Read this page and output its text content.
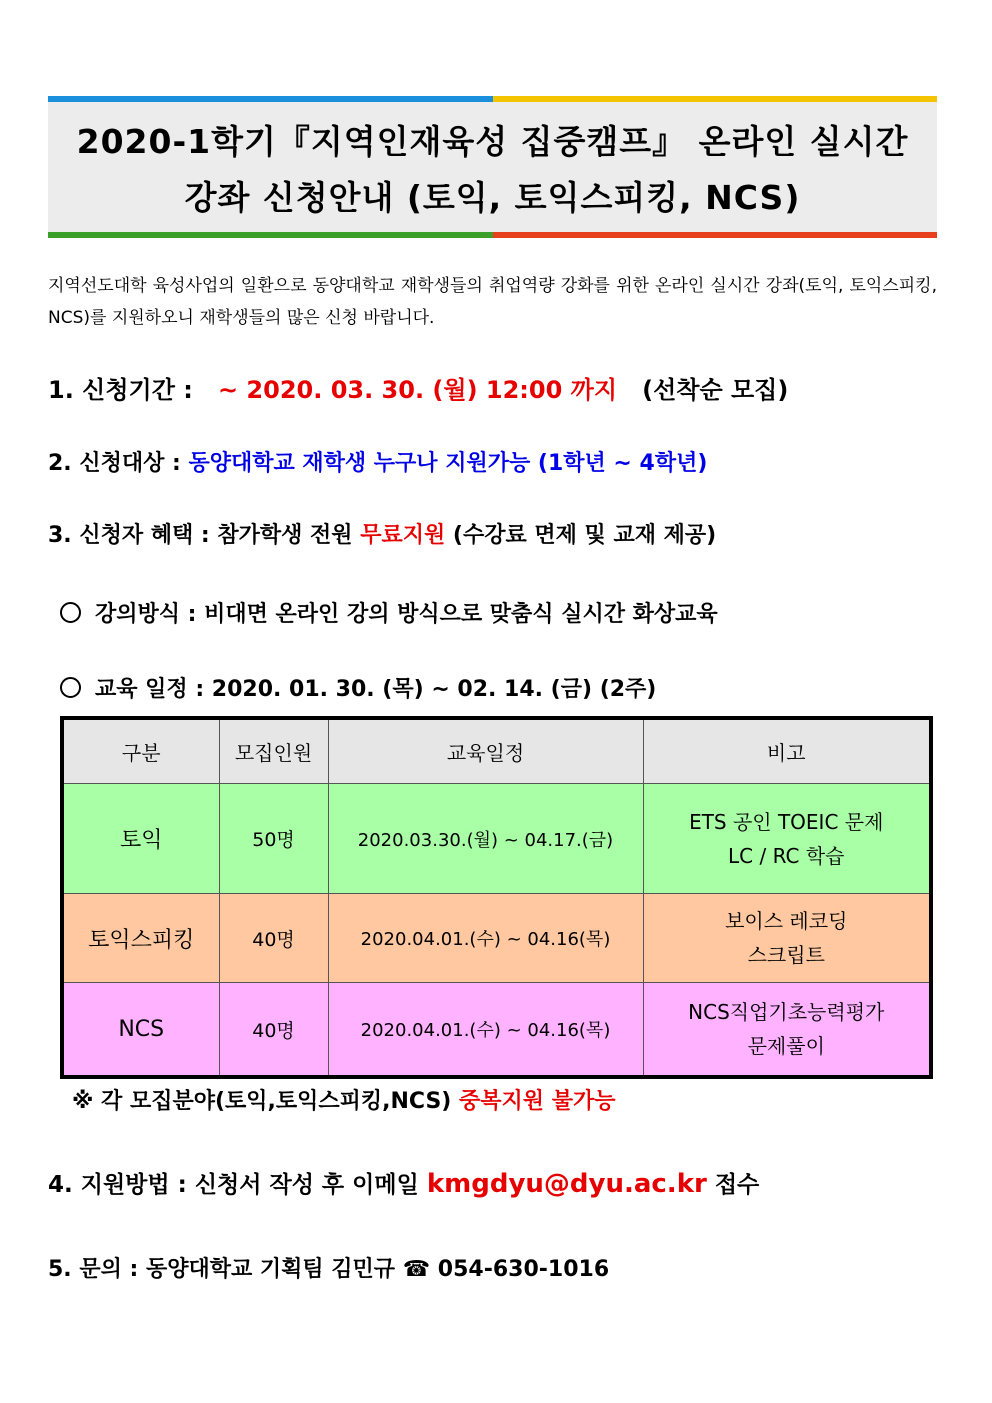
2020-1학기『지역인재육성 집중캠프』 온라인 실시간
강좌 신청안내 (토익, 토익스피킹, NCS)
지역선도대학 육성사업의 일환으로 동양대학교 재학생들의 취업역량 강화를 위한 온라인 실시간 강좌(토익, 토익스피킹, NCS)를 지원하오니 재학생들의 많은 신청 바랍니다.
1. 신청기간 : ~ 2020. 03. 30. (월) 12:00 까지 (선착순 모집)
2. 신청대상 : 동양대학교 재학생 누구나 지원가능 (1학년 ~ 4학년)
3. 신청자 혜택 : 참가학생 전원 무료지원 (수강료 면제 및 교재 제공)
강의방식 : 비대면 온라인 강의 방식으로 맞춤식 실시간 화상교육
교육 일정 : 2020. 01. 30. (목) ~ 02. 14. (금) (2주)
구분	모집인원	교육일정	비고
토익	50명	2020.03.30.(월) ~ 04.17.(금)	ETS 공인 TOEIC 문제
LC / RC 학습

토익스피킹	40명	2020.04.01.(수) ~ 04.16(목)	보이스 레코딩
스크립트

NCS	40명	2020.04.01.(수) ~ 04.16(목)	NCS직업기초능력평가
문제풀이
※ 각 모집분야(토익,토익스피킹,NCS) 중복지원 불가능
4. 지원방법 : 신청서 작성 후 이메일 kmgdyu@dyu.ac.kr 접수
5. 문의 : 동양대학교 기획팀 김민규 ☎ 054-630-1016
